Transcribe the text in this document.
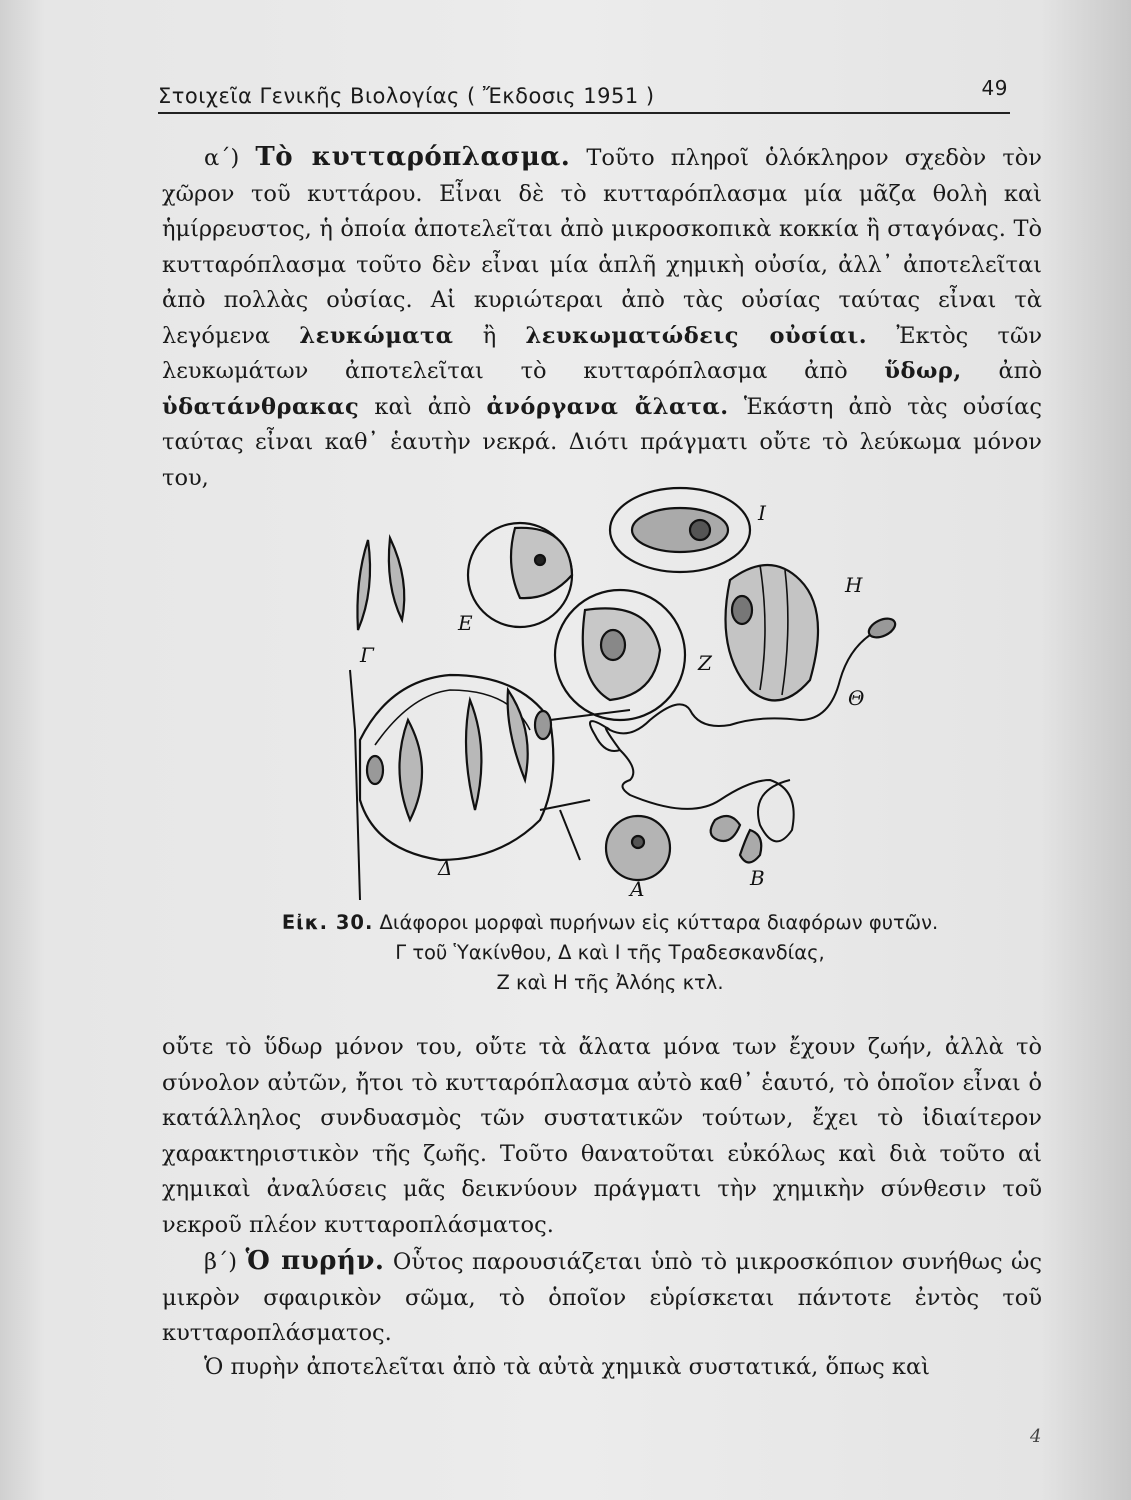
Στοιχεῖα Γενικῆς Βιολογίας ( Ἔκδοσις 1951 )	49
α΄) Τὸ κυτταρόπλασμα. Τοῦτο πληροῖ ὁλόκληρον σχεδὸν τὸν χῶρον τοῦ κυττάρου. Εἶναι δὲ τὸ κυτταρόπλασμα μία μᾶζα θολὴ καὶ ἡμίρρευστος, ἡ ὁποία ἀποτελεῖται ἀπὸ μικροσκοπικὰ κοκκία ἢ σταγόνας. Τὸ κυτταρόπλασμα τοῦτο δὲν εἶναι μία ἁπλῆ χημικὴ οὐσία, ἀλλ᾽ ἀποτελεῖται ἀπὸ πολλὰς οὐσίας. Αἱ κυριώτεραι ἀπὸ τὰς οὐσίας ταύτας εἶναι τὰ λεγόμενα λευκώματα ἢ λευκωματώδεις οὐσίαι. Ἐκτὸς τῶν λευκωμάτων ἀποτελεῖται τὸ κυτταρόπλασμα ἀπὸ ὕδωρ, ἀπὸ ὑδατάνθρακας καὶ ἀπὸ ἀνόργανα ἄλατα. Ἑκάστη ἀπὸ τὰς οὐσίας ταύτας εἶναι καθ᾽ ἑαυτὴν νεκρά. Διότι πράγματι οὔτε τὸ λεύκωμα μόνον του,
Ι
Η
Ε
Γ	Ζ
Θ
Δ
Α	Β
Εἰκ. 30. Διάφοροι μορφαὶ πυρήνων εἰς κύτταρα διαφόρων φυτῶν.
Γ τοῦ Ὑακίνθου, Δ καὶ Ι τῆς Τραδεσκανδίας,
Ζ καὶ Η τῆς Ἀλόης κτλ.
οὔτε τὸ ὕδωρ μόνον του, οὔτε τὰ ἄλατα μόνα των ἔχουν ζωήν, ἀλλὰ τὸ σύνολον αὐτῶν, ἤτοι τὸ κυτταρόπλασμα αὐτὸ καθ᾽ ἑαυτό, τὸ ὁποῖον εἶναι ὁ κατάλληλος συνδυασμὸς τῶν συστατικῶν τούτων, ἔχει τὸ ἰδιαίτερον χαρακτηριστικὸν τῆς ζωῆς. Τοῦτο θανατοῦται εὐκόλως καὶ διὰ τοῦτο αἱ χημικαὶ ἀναλύσεις μᾶς δεικνύουν πράγματι τὴν χημικὴν σύνθεσιν τοῦ νεκροῦ πλέον κυτταροπλάσματος.
β΄) Ὁ πυρήν. Οὗτος παρουσιάζεται ὑπὸ τὸ μικροσκόπιον συνήθως ὡς μικρὸν σφαιρικὸν σῶμα, τὸ ὁποῖον εὑρίσκεται πάντοτε ἐντὸς τοῦ κυτταροπλάσματος.
Ὁ πυρὴν ἀποτελεῖται ἀπὸ τὰ αὐτὰ χημικὰ συστατικά, ὅπως καὶ
4
